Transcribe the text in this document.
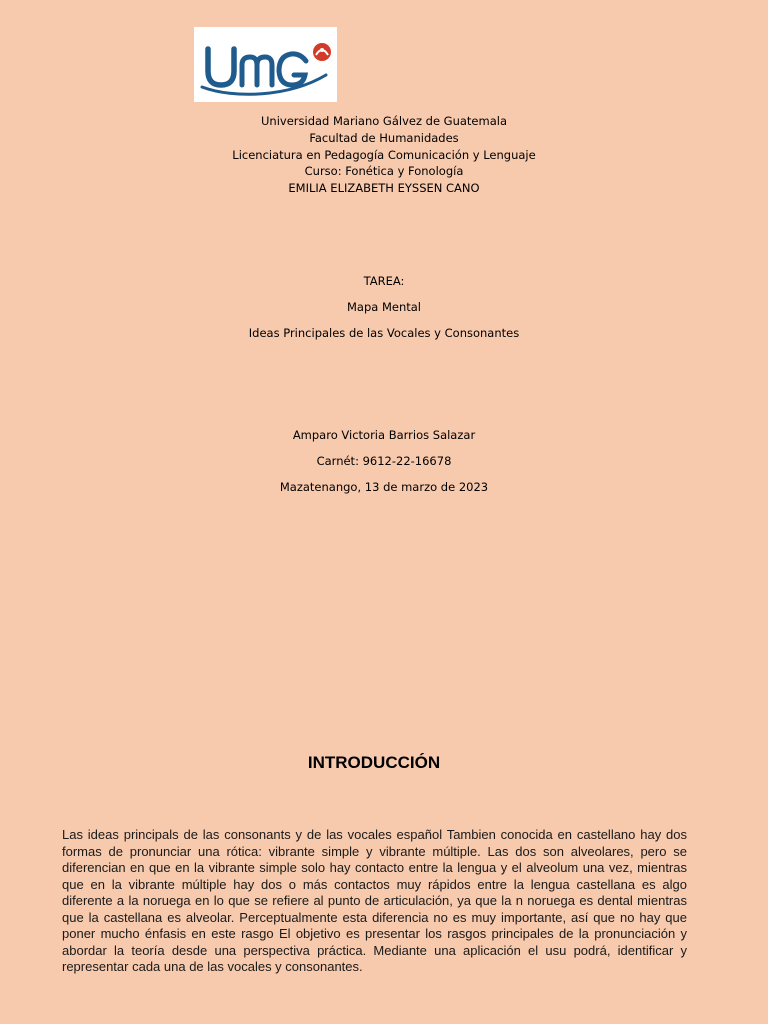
Universidad Mariano Gálvez de Guatemala
Facultad de Humanidades
Licenciatura en Pedagogía Comunicación y Lenguaje
Curso: Fonética y Fonología
EMILIA ELIZABETH EYSSEN CANO
TAREA:
Mapa Mental
Ideas Principales de las Vocales y Consonantes
Amparo Victoria Barrios Salazar
Carnét: 9612-22-16678
Mazatenango, 13 de marzo de 2023
INTRODUCCIÓN
Las ideas principals de las consonants y de las vocales español Tambien conocida en castellano hay dos formas de pronunciar una rótica: vibrante simple y vibrante múltiple. Las dos son alveolares, pero se diferencian en que en la vibrante simple solo hay contacto entre la lengua y el alveolum una vez, mientras que en la vibrante múltiple hay dos o más contactos muy rápidos entre la lengua castellana es algo diferente a la noruega en lo que se refiere al punto de articulación, ya que la n noruega es dental mientras que la castellana es alveolar. Perceptualmente esta diferencia no es muy importante, así que no hay que poner mucho énfasis en este rasgo El objetivo es presentar los rasgos principales de la pronunciación y abordar la teoría desde una perspectiva práctica. Mediante una aplicación el usu podrá, identificar y representar cada una de las vocales y consonantes.
